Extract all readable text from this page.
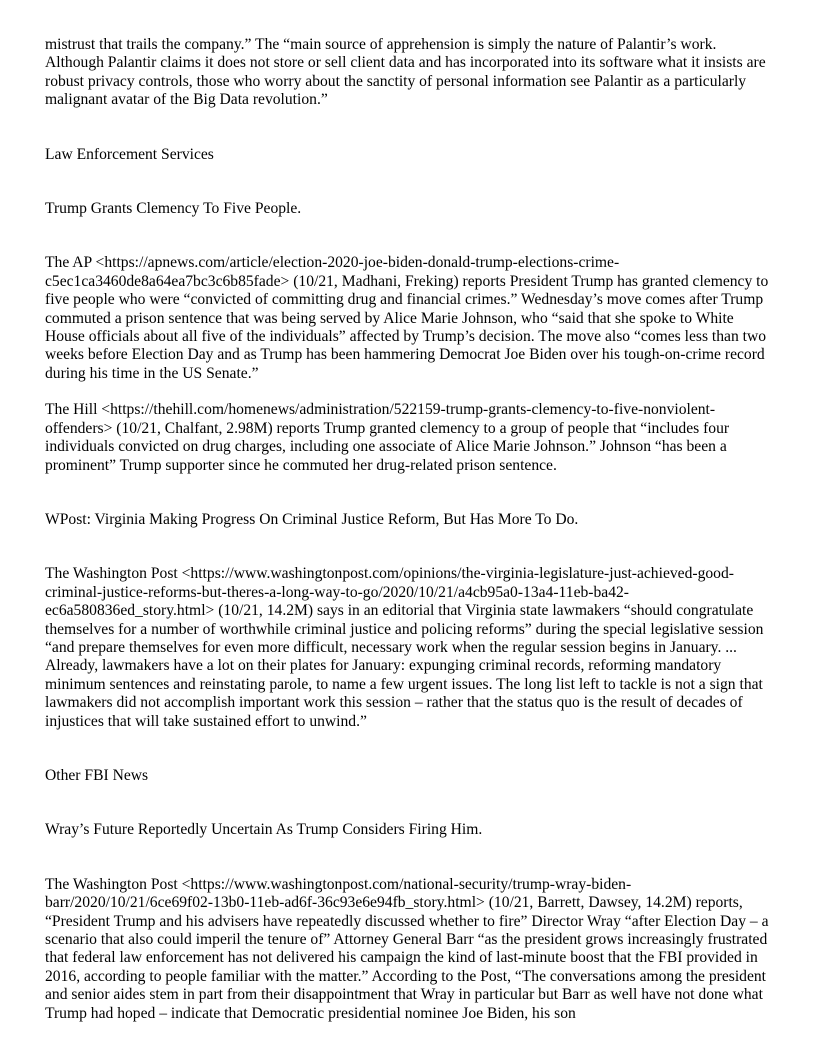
mistrust that trails the company.” The “main source of apprehension is simply the nature of Palantir’s work. Although Palantir claims it does not store or sell client data and has incorporated into its software what it insists are robust privacy controls, those who worry about the sanctity of personal information see Palantir as a particularly malignant avatar of the Big Data revolution.”

Law Enforcement Services

Trump Grants Clemency To Five People.

The AP <https://apnews.com/article/election-2020-joe-biden-donald-trump-elections-crime-c5ec1ca3460de8a64ea7bc3c6b85fade> (10/21, Madhani, Freking) reports President Trump has granted clemency to five people who were “convicted of committing drug and financial crimes.” Wednesday’s move comes after Trump commuted a prison sentence that was being served by Alice Marie Johnson, who “said that she spoke to White House officials about all five of the individuals” affected by Trump’s decision. The move also “comes less than two weeks before Election Day and as Trump has been hammering Democrat Joe Biden over his tough-on-crime record during his time in the US Senate.”

The Hill <https://thehill.com/homenews/administration/522159-trump-grants-clemency-to-five-nonviolent-offenders> (10/21, Chalfant, 2.98M) reports Trump granted clemency to a group of people that “includes four individuals convicted on drug charges, including one associate of Alice Marie Johnson.” Johnson “has been a prominent” Trump supporter since he commuted her drug-related prison sentence.

WPost: Virginia Making Progress On Criminal Justice Reform, But Has More To Do.

The Washington Post <https://www.washingtonpost.com/opinions/the-virginia-legislature-just-achieved-good-criminal-justice-reforms-but-theres-a-long-way-to-go/2020/10/21/a4cb95a0-13a4-11eb-ba42-ec6a580836ed_story.html> (10/21, 14.2M) says in an editorial that Virginia state lawmakers “should congratulate themselves for a number of worthwhile criminal justice and policing reforms” during the special legislative session “and prepare themselves for even more difficult, necessary work when the regular session begins in January. ... Already, lawmakers have a lot on their plates for January: expunging criminal records, reforming mandatory minimum sentences and reinstating parole, to name a few urgent issues. The long list left to tackle is not a sign that lawmakers did not accomplish important work this session – rather that the status quo is the result of decades of injustices that will take sustained effort to unwind.”

Other FBI News

Wray’s Future Reportedly Uncertain As Trump Considers Firing Him.

The Washington Post <https://www.washingtonpost.com/national-security/trump-wray-biden-barr/2020/10/21/6ce69f02-13b0-11eb-ad6f-36c93e6e94fb_story.html> (10/21, Barrett, Dawsey, 14.2M) reports, “President Trump and his advisers have repeatedly discussed whether to fire” Director Wray “after Election Day – a scenario that also could imperil the tenure of” Attorney General Barr “as the president grows increasingly frustrated that federal law enforcement has not delivered his campaign the kind of last-minute boost that the FBI provided in 2016, according to people familiar with the matter.” According to the Post, “The conversations among the president and senior aides stem in part from their disappointment that Wray in particular but Barr as well have not done what Trump had hoped – indicate that Democratic presidential nominee Joe Biden, his son
